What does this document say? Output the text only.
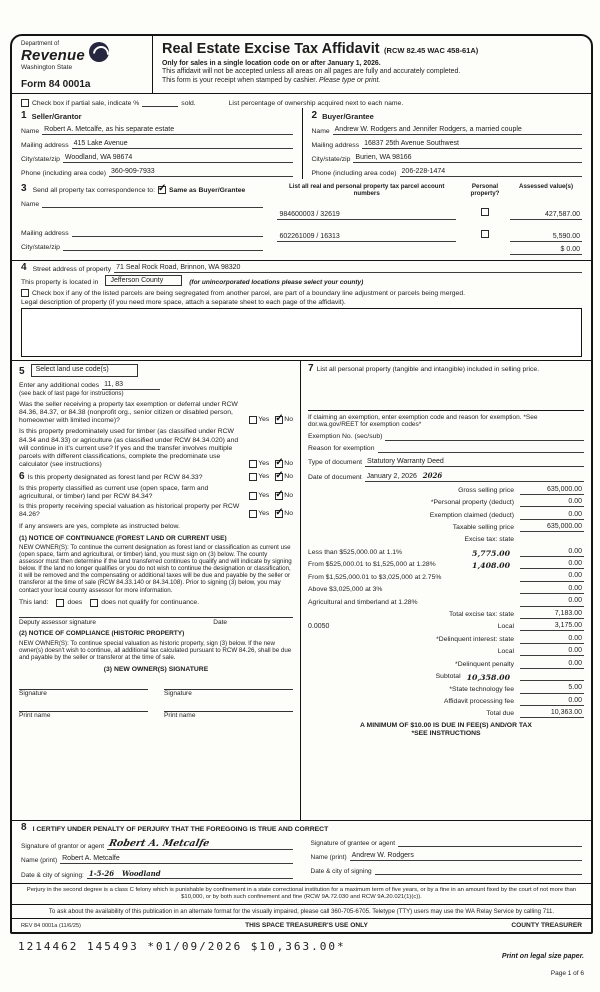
Department of
Revenue
Washington State
Form 84 0001a
Real Estate Excise Tax Affidavit (RCW 82.45 WAC 458-61A)
Only for sales in a single location code on or after January 1, 2026.
This affidavit will not be accepted unless all areas on all pages are fully and accurately completed.
This form is your receipt when stamped by cashier. Please type or print.
Check box if partial sale, indicate %	sold.	List percentage of ownership acquired next to each name.
1 Seller/Grantor
Name Robert A. Metcalfe, as his separate estate
Mailing address 415 Lake Avenue
City/state/zip Woodland, WA 98674
Phone (including area code) 360-909-7933
2 Buyer/Grantee
Name Andrew W. Rodgers and Jennifer Rodgers, a married couple
Mailing address 16837 25th Avenue Southwest
City/state/zip Burien, WA 98166
Phone (including area code) 206-228-1474
3 Send all property tax correspondence to: ✓ Same as Buyer/Grantee
Name
Mailing address
City/state/zip
List all real and personal property tax parcel account numbers
Personal property?
Assessed value(s)
984600003 / 32619	427,587.00
602261009 / 16313	5,590.00
$ 0.00
4 Street address of property 71 Seal Rock Road, Brinnon, WA 98320
This property is located in	Jefferson County	(for unincorporated locations please select your county)
Check box if any of the listed parcels are being segregated from another parcel, are part of a boundary line adjustment or parcels being merged.
Legal description of property (if you need more space, attach a separate sheet to each page of the affidavit).
5	Select land use code(s)
Enter any additional codes 11, 83
(see back of last page for instructions)
Was the seller receiving a property tax exemption or deferral under RCW 84.36, 84.37, or 84.38 (nonprofit org., senior citizen or disabled person, homeowner with limited income)?	Yes ✓ No
Is this property predominately used for timber (as classified under RCW 84.34 and 84.33) or agriculture (as classified under RCW 84.34.020) and will continue in it's current use? If yes and the transfer involves multiple parcels with different classifications, complete the predominate use calculator (see instructions)	Yes ✓ No
6 Is this property designated as forest land per RCW 84.33?	Yes ✓ No
Is this property classified as current use (open space, farm and agricultural, or timber) land per RCW 84.34?	Yes ✓ No
Is this property receiving special valuation as historical property per RCW 84.26?	Yes ✓ No
If any answers are yes, complete as instructed below.
(1) NOTICE OF CONTINUANCE (FOREST LAND OR CURRENT USE)
NEW OWNER(S): To continue the current designation as forest land or classification as current use (open space, farm and agricultural, or timber) land, you must sign on (3) below. The county assessor must then determine if the land transferred continues to qualify and will indicate by signing below. If the land no longer qualifies or you do not wish to continue the designation or classification, it will be removed and the compensating or additional taxes will be due and payable by the seller or transferor at the time of sale (RCW 84.33.140 or 84.34.108). Prior to signing (3) below, you may contact your local county assessor for more information.
This land:	does	does not qualify for continuance.
Deputy assessor signature	Date
(2) NOTICE OF COMPLIANCE (HISTORIC PROPERTY)
NEW OWNER(S): To continue special valuation as historic property, sign (3) below. If the new owner(s) doesn't wish to continue, all additional tax calculated pursuant to RCW 84.26, shall be due and payable by the seller or transferor at the time of sale.
(3) NEW OWNER(S) SIGNATURE
Signature	Signature
Print name	Print name
7 List all personal property (tangible and intangible) included in selling price.
If claiming an exemption, enter exemption code and reason for exemption. *See dor.wa.gov/REET for exemption codes*
Exemption No. (sec/sub)
Reason for exemption
Type of document Statutory Warranty Deed
Date of document January 2, 2026 2026
Gross selling price	635,000.00
*Personal property (deduct)	0.00
Exemption claimed (deduct)	0.00
Taxable selling price	635,000.00
Excise tax: state
Less than $525,000.00 at 1.1%	5,775.00	0.00
From $525,000.01 to $1,525,000 at 1.28%	1,408.00	0.00
From $1,525,000.01 to $3,025,000 at 2.75%	0.00
Above $3,025,000 at 3%	0.00
Agricultural and timberland at 1.28%	0.00
Total excise tax: state	7,183.00
0.0050	Local	3,175.00
*Delinquent interest: state	0.00
Local	0.00
*Delinquent penalty	0.00
Subtotal 10,358.00
*State technology fee	5.00
Affidavit processing fee	0.00
Total due	10,363.00
A MINIMUM OF $10.00 IS DUE IN FEE(S) AND/OR TAX
*SEE INSTRUCTIONS
8 I CERTIFY UNDER PENALTY OF PERJURY THAT THE FOREGOING IS TRUE AND CORRECT
Signature of grantor or agent Robert A. Metcalfe
Name (print) Robert A. Metcalfe
Date & city of signing: 1-5-26 Woodland
Signature of grantee or agent
Name (print) Andrew W. Rodgers
Date & city of signing
Perjury in the second degree is a class C felony which is punishable by confinement in a state correctional institution for a maximum term of five years, or by a fine in an amount fixed by the court of not more than $10,000, or by both such confinement and fine (RCW 9A.72.030 and RCW 9A.20.021(1)(c)).
To ask about the availability of this publication in an alternate format for the visually impaired, please call 360-705-6705. Teletype (TTY) users may use the WA Relay Service by calling 711.
REV 84 0001a (11/6/25)	THIS SPACE TREASURER'S USE ONLY	COUNTY TREASURER
1214462 145493 *01/09/2026 $10,363.00*
Print on legal size paper.
Page 1 of 6
